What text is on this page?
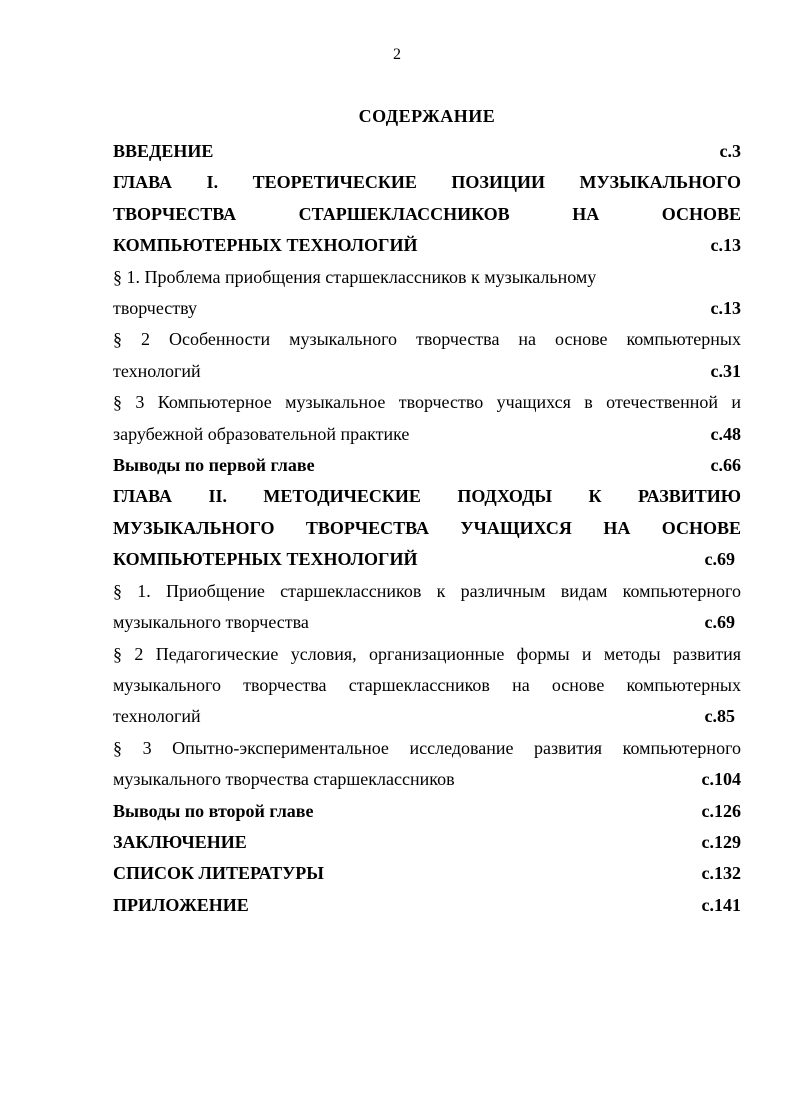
2
СОДЕРЖАНИЕ
ВВЕДЕНИЕ	с.3
ГЛАВА I. ТЕОРЕТИЧЕСКИЕ ПОЗИЦИИ МУЗЫКАЛЬНОГО
ТВОРЧЕСТВА СТАРШЕКЛАССНИКОВ НА ОСНОВЕ
КОМПЬЮТЕРНЫХ ТЕХНОЛОГИЙ	с.13
§ 1. Проблема приобщения старшеклассников к музыкальному
творчеству	с.13
§ 2 Особенности музыкального творчества на основе компьютерных
технологий	с.31
§ 3 Компьютерное музыкальное творчество учащихся в отечественной и
зарубежной образовательной практике	с.48
Выводы по первой главе	с.66
ГЛАВА II. МЕТОДИЧЕСКИЕ ПОДХОДЫ К РАЗВИТИЮ
МУЗЫКАЛЬНОГО ТВОРЧЕСТВА УЧАЩИХСЯ НА ОСНОВЕ
КОМПЬЮТЕРНЫХ ТЕХНОЛОГИЙ	с.69
§ 1. Приобщение старшеклассников к различным видам компьютерного
музыкального творчества	с.69
§ 2 Педагогические условия, организационные формы и методы развития
музыкального творчества старшеклассников на основе компьютерных
технологий	с.85
§ 3 Опытно-экспериментальное исследование развития компьютерного
музыкального творчества старшеклассников	с.104
Выводы по второй главе	с.126
ЗАКЛЮЧЕНИЕ	с.129
СПИСОК ЛИТЕРАТУРЫ	с.132
ПРИЛОЖЕНИЕ	с.141
